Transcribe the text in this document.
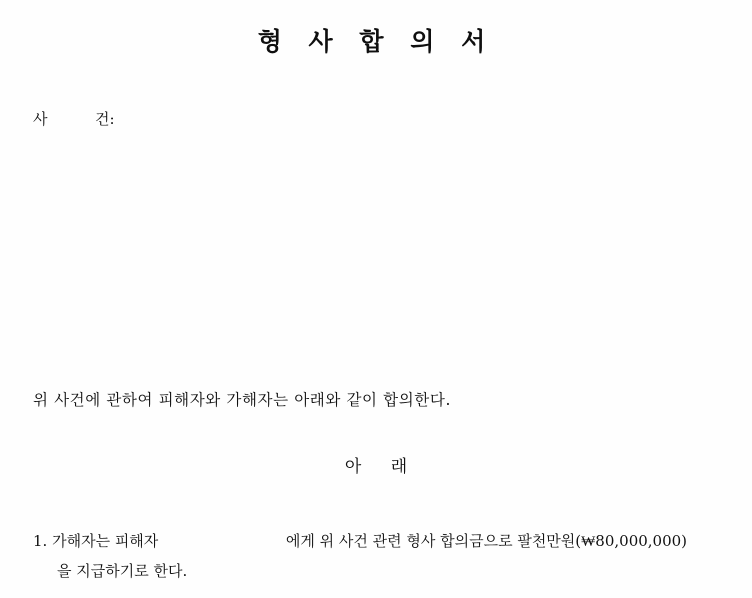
형 사 합 의 서
사	건:
위 사건에 관하여 피해자와 가해자는 아래와 같이 합의한다.
아 래
1. 가해자는 피해자	에게 위 사건 관련 형사 합의금으로 팔천만원(₩80,000,000)
을 지급하기로 한다.
